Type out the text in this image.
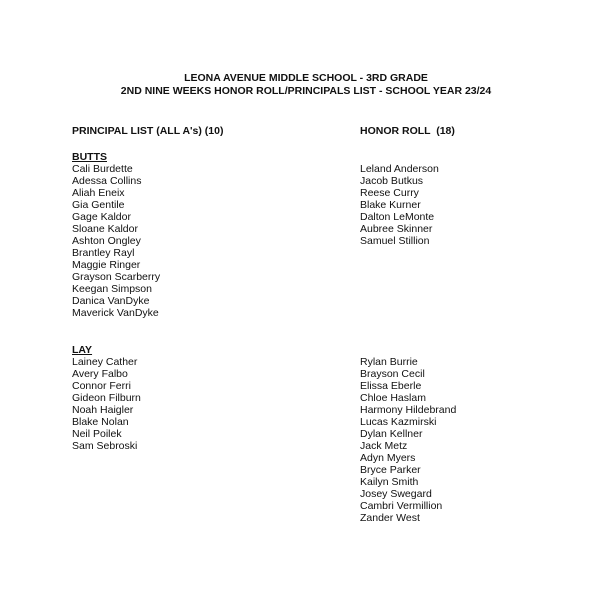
LEONA AVENUE MIDDLE SCHOOL - 3RD GRADE
2ND NINE WEEKS HONOR ROLL/PRINCIPALS LIST - SCHOOL YEAR 23/24
PRINCIPAL LIST (ALL A's) (10)
BUTTS
Cali Burdette
Adessa Collins
Aliah Eneix
Gia Gentile
Gage Kaldor
Sloane Kaldor
Ashton Ongley
Brantley Rayl
Maggie Ringer
Grayson Scarberry
Keegan Simpson
Danica VanDyke
Maverick VanDyke
LAY
Lainey Cather
Avery Falbo
Connor Ferri
Gideon Filburn
Noah Haigler
Blake Nolan
Neil Poilek
Sam Sebroski
HONOR ROLL  (18)
Leland Anderson
Jacob Butkus
Reese Curry
Blake Kurner
Dalton LeMonte
Aubree Skinner
Samuel Stillion
Rylan Burrie
Brayson Cecil
Elissa Eberle
Chloe Haslam
Harmony Hildebrand
Lucas Kazmirski
Dylan Kellner
Jack Metz
Adyn Myers
Bryce Parker
Kailyn Smith
Josey Swegard
Cambri Vermillion
Zander West
